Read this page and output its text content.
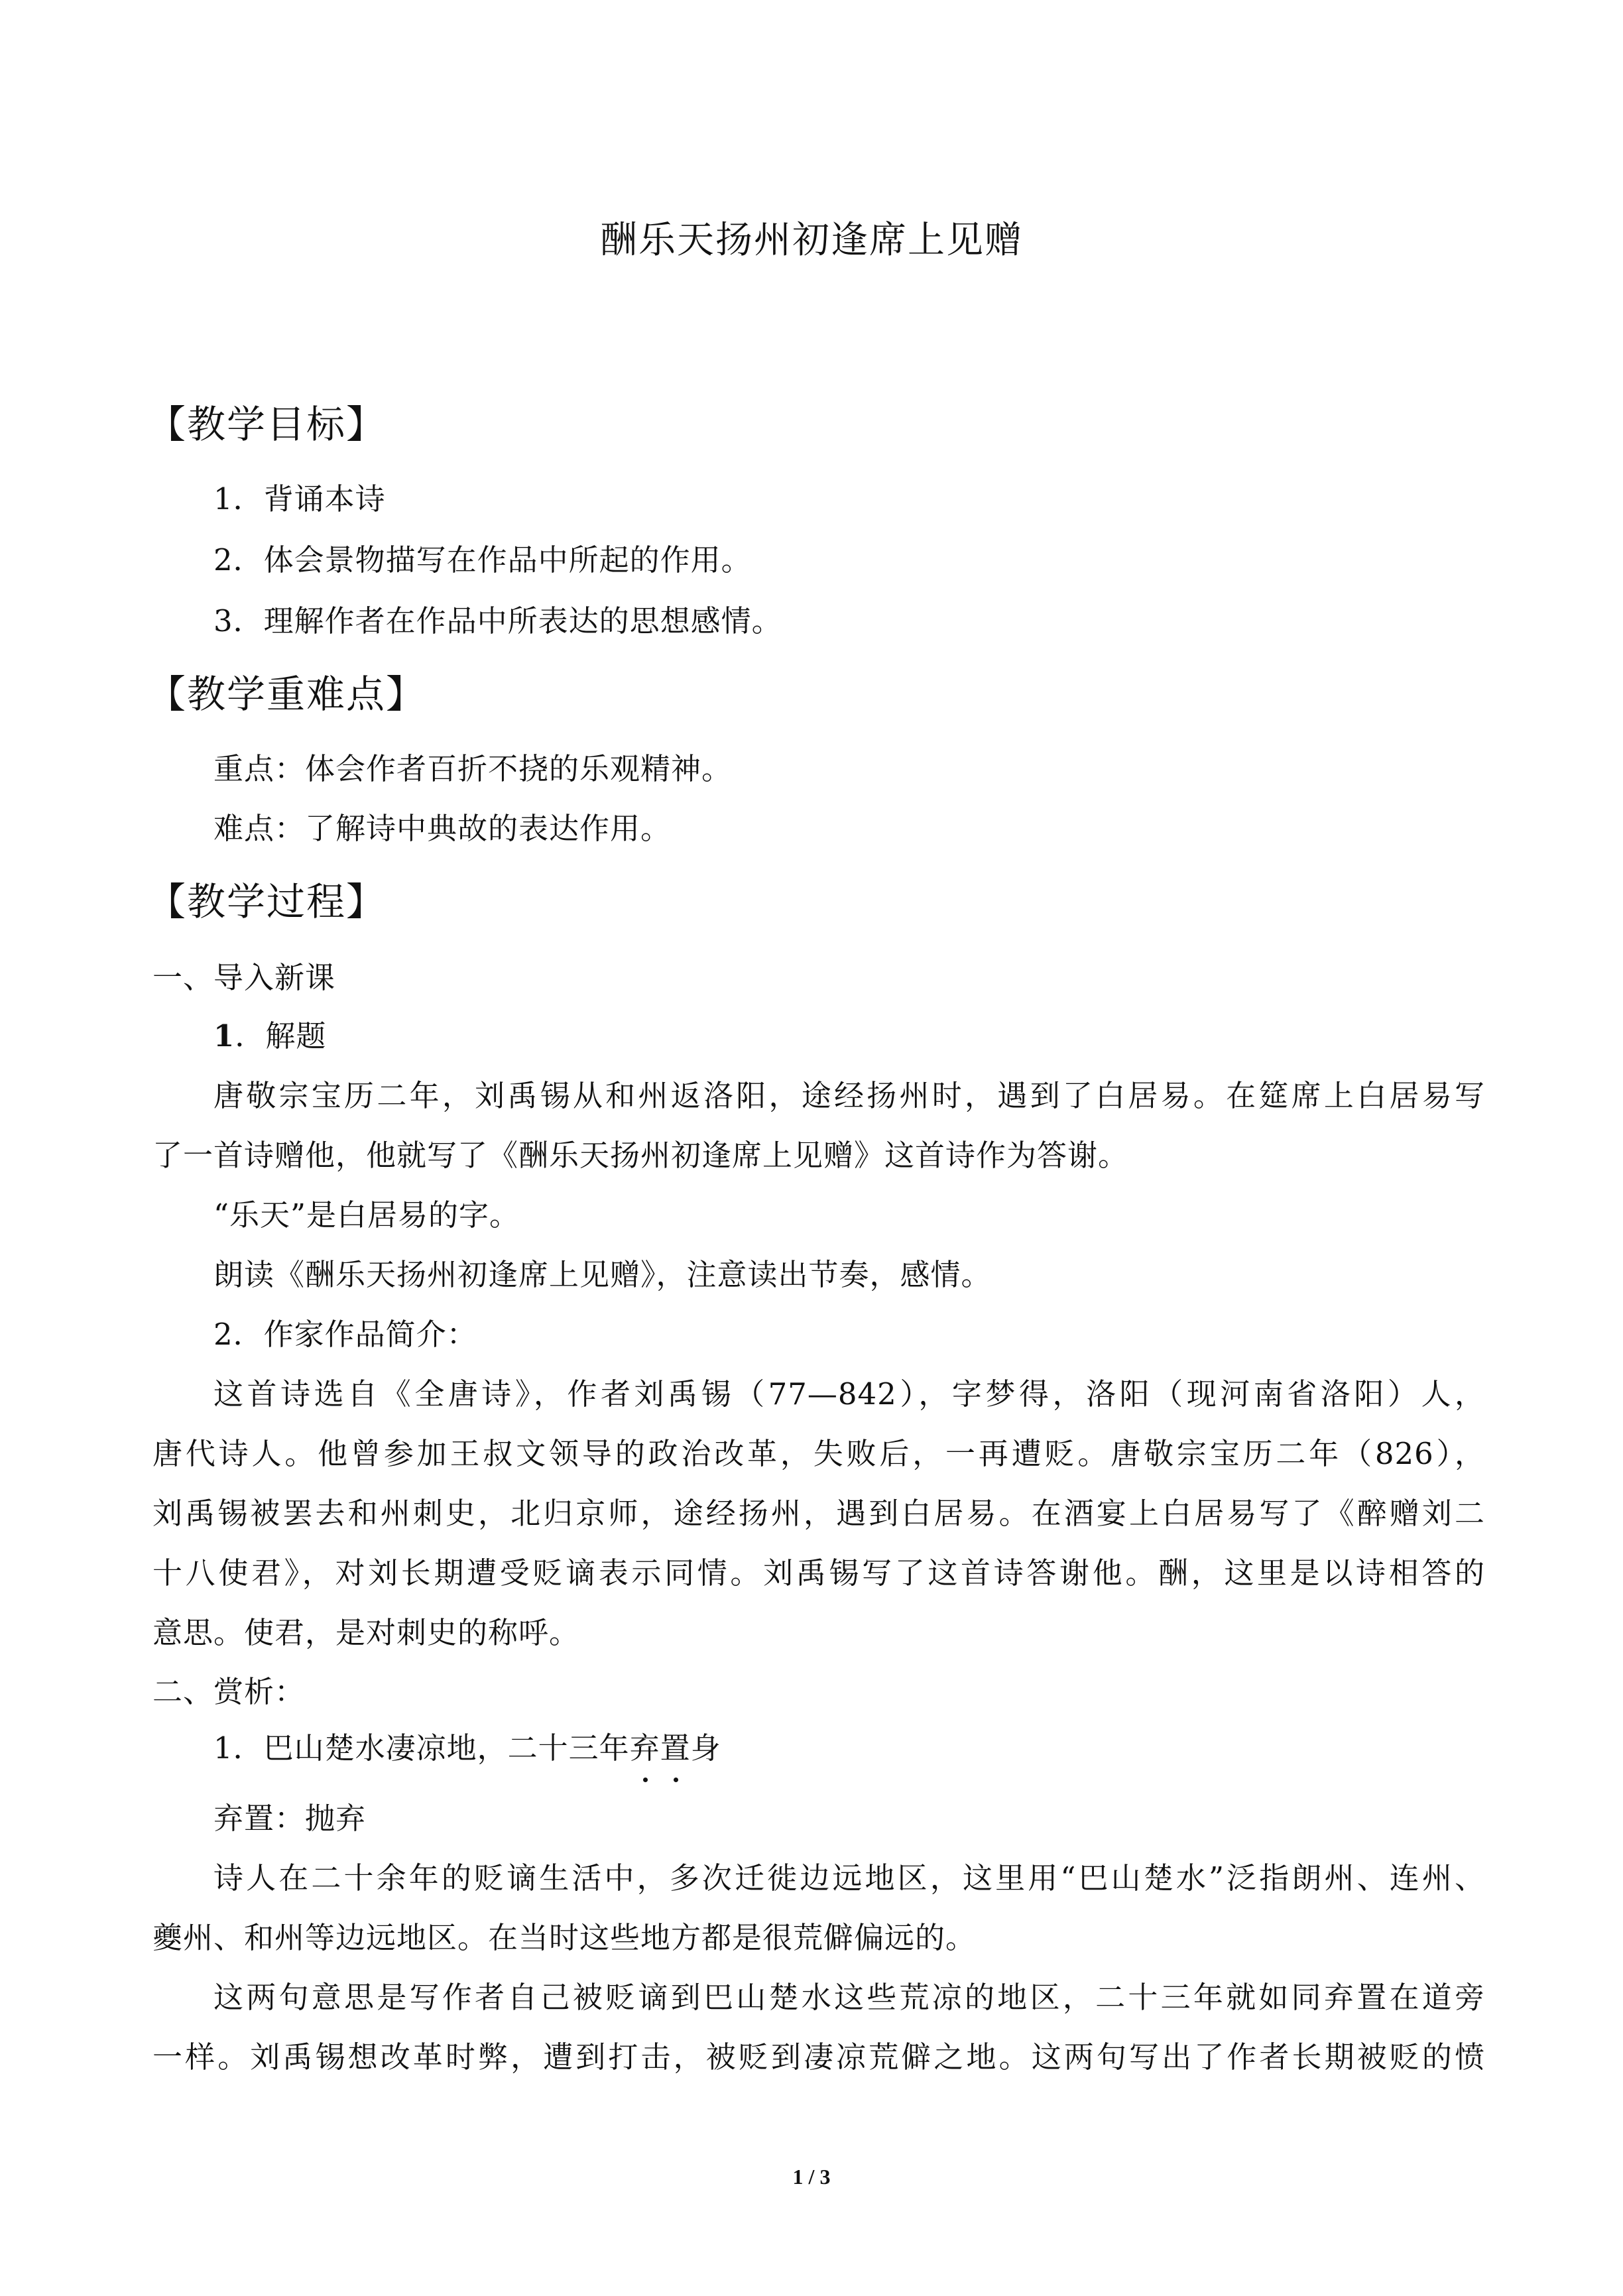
酬乐天扬州初逢席上见赠
【教学目标】
1．背诵本诗
2．体会景物描写在作品中所起的作用。
3．理解作者在作品中所表达的思想感情。
【教学重难点】
重点：体会作者百折不挠的乐观精神。
难点：了解诗中典故的表达作用。
【教学过程】
一、导入新课
1．解题
唐敬宗宝历二年，刘禹锡从和州返洛阳，途经扬州时，遇到了白居易。在筵席上白居易写
了一首诗赠他，他就写了《酬乐天扬州初逢席上见赠》这首诗作为答谢。
“乐天”是白居易的字。
朗读《酬乐天扬州初逢席上见赠》，注意读出节奏，感情。
2．作家作品简介：
这首诗选自《全唐诗》，作者刘禹锡（77—842），字梦得，洛阳（现河南省洛阳）人，
唐代诗人。他曾参加王叔文领导的政治改革，失败后，一再遭贬。唐敬宗宝历二年（826），
刘禹锡被罢去和州刺史，北归京师，途经扬州，遇到白居易。在酒宴上白居易写了《醉赠刘二
十八使君》，对刘长期遭受贬谪表示同情。刘禹锡写了这首诗答谢他。酬，这里是以诗相答的
意思。使君，是对刺史的称呼。
二、赏析：
1．巴山楚水凄凉地，二十三年弃置身
弃置：抛弃
诗人在二十余年的贬谪生活中，多次迁徙边远地区，这里用“巴山楚水”泛指朗州、连州、
夔州、和州等边远地区。在当时这些地方都是很荒僻偏远的。
这两句意思是写作者自己被贬谪到巴山楚水这些荒凉的地区，二十三年就如同弃置在道旁
一样。刘禹锡想改革时弊，遭到打击，被贬到凄凉荒僻之地。这两句写出了作者长期被贬的愤
1 / 3
